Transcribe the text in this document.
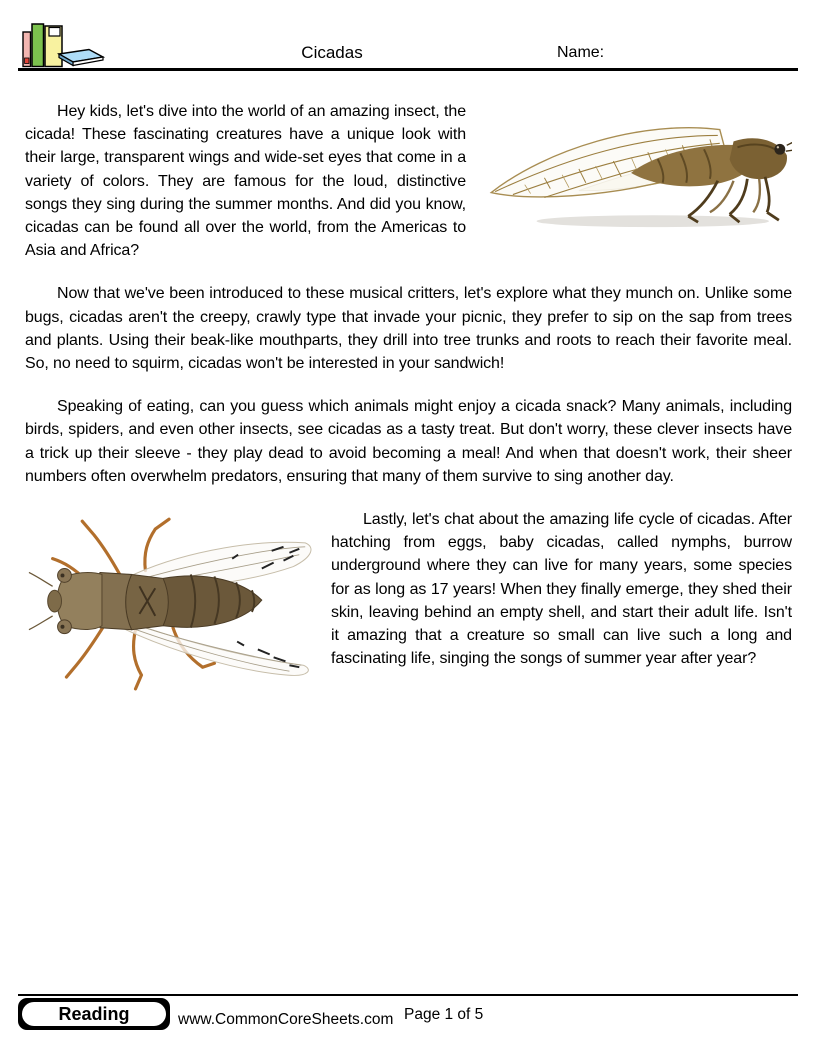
Cicadas	Name:

Hey kids, let's dive into the world of an amazing insect, the cicada! These fascinating creatures have a unique look with their large, transparent wings and wide-set eyes that come in a variety of colors. They are famous for the loud, distinctive songs they sing during the summer months. And did you know, cicadas can be found all over the world, from the Americas to Asia and Africa?

Now that we've been introduced to these musical critters, let's explore what they munch on. Unlike some bugs, cicadas aren't the creepy, crawly type that invade your picnic, they prefer to sip on the sap from trees and plants. Using their beak-like mouthparts, they drill into tree trunks and roots to reach their favorite meal. So, no need to squirm, cicadas won't be interested in your sandwich!

Speaking of eating, can you guess which animals might enjoy a cicada snack? Many animals, including birds, spiders, and even other insects, see cicadas as a tasty treat. But don't worry, these clever insects have a trick up their sleeve - they play dead to avoid becoming a meal! And when that doesn't work, their sheer numbers often overwhelm predators, ensuring that many of them survive to sing another day.

Lastly, let's chat about the amazing life cycle of cicadas. After hatching from eggs, baby cicadas, called nymphs, burrow underground where they can live for many years, some species for as long as 17 years! When they finally emerge, they shed their skin, leaving behind an empty shell, and start their adult life. Isn't it amazing that a creature so small can live such a long and fascinating life, singing the songs of summer year after year?

Reading	www.CommonCoreSheets.com Page 1 of 5
